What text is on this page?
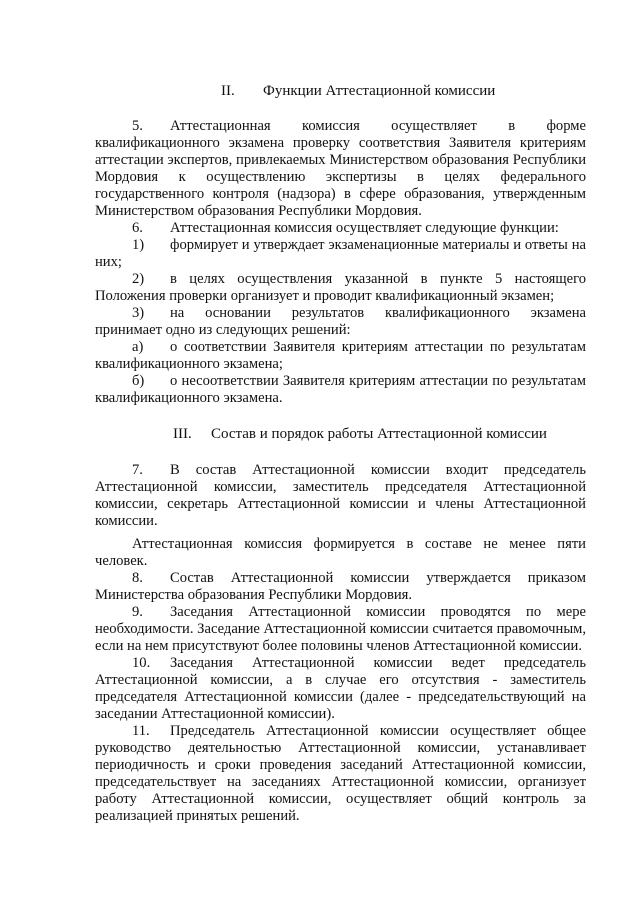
II. Функции Аттестационной комиссии
5. Аттестационная комиссия осуществляет в форме квалификационного экзамена проверку соответствия Заявителя критериям аттестации экспертов, привлекаемых Министерством образования Республики Мордовия к осуществлению экспертизы в целях федерального государственного контроля (надзора) в сфере образования, утвержденным Министерством образования Республики Мордовия.
6. Аттестационная комиссия осуществляет следующие функции:
1) формирует и утверждает экзаменационные материалы и ответы на них;
2) в целях осуществления указанной в пункте 5 настоящего Положения проверки организует и проводит квалификационный экзамен;
3) на основании результатов квалификационного экзамена принимает одно из следующих решений:
а) о соответствии Заявителя критериям аттестации по результатам квалификационного экзамена;
б) о несоответствии Заявителя критериям аттестации по результатам квалификационного экзамена.
III. Состав и порядок работы Аттестационной комиссии
7. В состав Аттестационной комиссии входит председатель Аттестационной комиссии, заместитель председателя Аттестационной комиссии, секретарь Аттестационной комиссии и члены Аттестационной комиссии.
Аттестационная комиссия формируется в составе не менее пяти человек.
8. Состав Аттестационной комиссии утверждается приказом Министерства образования Республики Мордовия.
9. Заседания Аттестационной комиссии проводятся по мере необходимости. Заседание Аттестационной комиссии считается правомочным, если на нем присутствуют более половины членов Аттестационной комиссии.
10. Заседания Аттестационной комиссии ведет председатель Аттестационной комиссии, а в случае его отсутствия - заместитель председателя Аттестационной комиссии (далее - председательствующий на заседании Аттестационной комиссии).
11. Председатель Аттестационной комиссии осуществляет общее руководство деятельностью Аттестационной комиссии, устанавливает периодичность и сроки проведения заседаний Аттестационной комиссии, председательствует на заседаниях Аттестационной комиссии, организует работу Аттестационной комиссии, осуществляет общий контроль за реализацией принятых решений.
